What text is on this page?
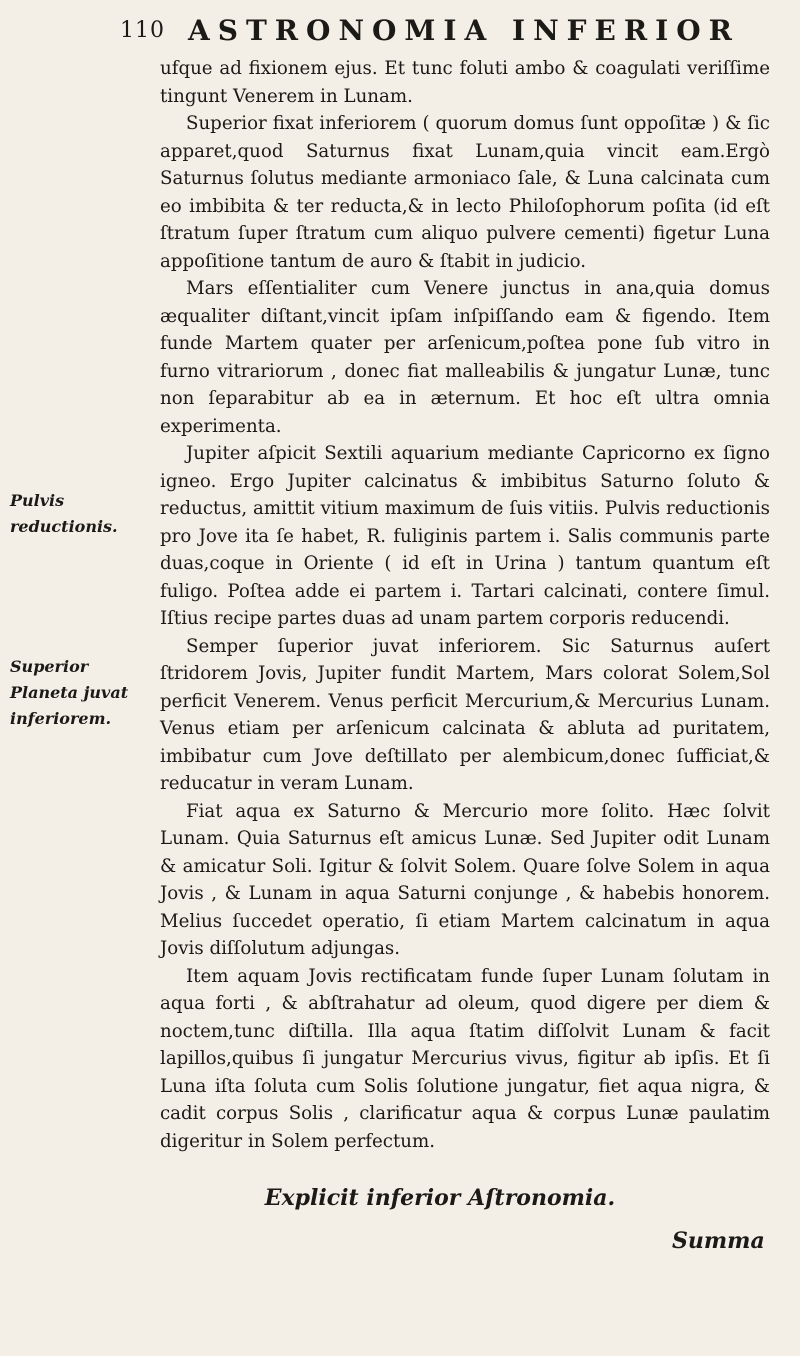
110 ASTRONOMIA INFERIOR

ufque ad fixionem ejus. Et tunc foluti ambo & coagulati veriſſime tingunt Venerem in Lunam.

Superior fixat inferiorem ( quorum domus ſunt oppoſitæ ) & ſic apparet,quod Saturnus fixat Lunam,quia vincit eam.Ergò Saturnus ſolutus mediante armoniaco ſale, & Luna calcinata cum eo imbibita & ter reducta,& in lecto Philoſophorum poſita (id eſt ſtratum ſuper ſtratum cum aliquo pulvere cementi) figetur Luna appoſitione tantum de auro & ſtabit in judicio.

Mars eſſentialiter cum Venere junctus in ana,quia domus æqualiter diſtant,vincit ipſam inſpiſſando eam & figendo. Item funde Martem quater per arſenicum,poſtea pone ſub vitro in furno vitrariorum , donec fiat malleabilis & jungatur Lunæ, tunc non ſeparabitur ab ea in æternum. Et hoc eſt ultra omnia experimenta.

Jupiter aſpicit Sextili aquarium mediante Capricorno ex ſigno igneo. Ergo Jupiter calcinatus & imbibitus Saturno ſoluto & reductus, amittit vitium maximum de ſuis vitiis. Pulvis reductionis pro Jove ita ſe habet, R. fuliginis partem i. Salis communis parte duas,coque in Oriente ( id eſt in Urina ) tantum quantum eſt fuligo. Poſtea adde ei partem i. Tartari calcinati, contere ſimul. Iſtius recipe partes duas ad unam partem corporis reducendi.

Semper ſuperior juvat inferiorem. Sic Saturnus auſert ſtridorem Jovis, Jupiter fundit Martem, Mars colorat Solem,Sol perficit Venerem. Venus perficit Mercurium,& Mercurius Lunam. Venus etiam per arſenicum calcinata & abluta ad puritatem, imbibatur cum Jove deſtillato per alembicum,donec ſufficiat,& reducatur in veram Lunam.

Fiat aqua ex Saturno & Mercurio more ſolito. Hæc ſolvit Lunam. Quia Saturnus eſt amicus Lunæ. Sed Jupiter odit Lunam & amicatur Soli. Igitur & ſolvit Solem. Quare ſolve Solem in aqua Jovis , & Lunam in aqua Saturni conjunge , & habebis honorem. Melius ſuccedet operatio, ſi etiam Martem calcinatum in aqua Jovis diſſolutum adjungas.

Item aquam Jovis rectificatam funde ſuper Lunam ſolutam in aqua forti , & abſtrahatur ad oleum, quod digere per diem & noctem,tunc diſtilla. Illa aqua ſtatim diſſolvit Lunam & facit lapillos,quibus ſi jungatur Mercurius vivus, figitur ab ipſis. Et ſi Luna iſta ſoluta cum Solis ſolutione jungatur, fiet aqua nigra, & cadit corpus Solis , clarificatur aqua & corpus Lunæ paulatim digeritur in Solem perfectum.

Pulvis reductionis.
Superior Planeta juvat inferiorem.
Explicit inferior Aſtronomia.
Summa
